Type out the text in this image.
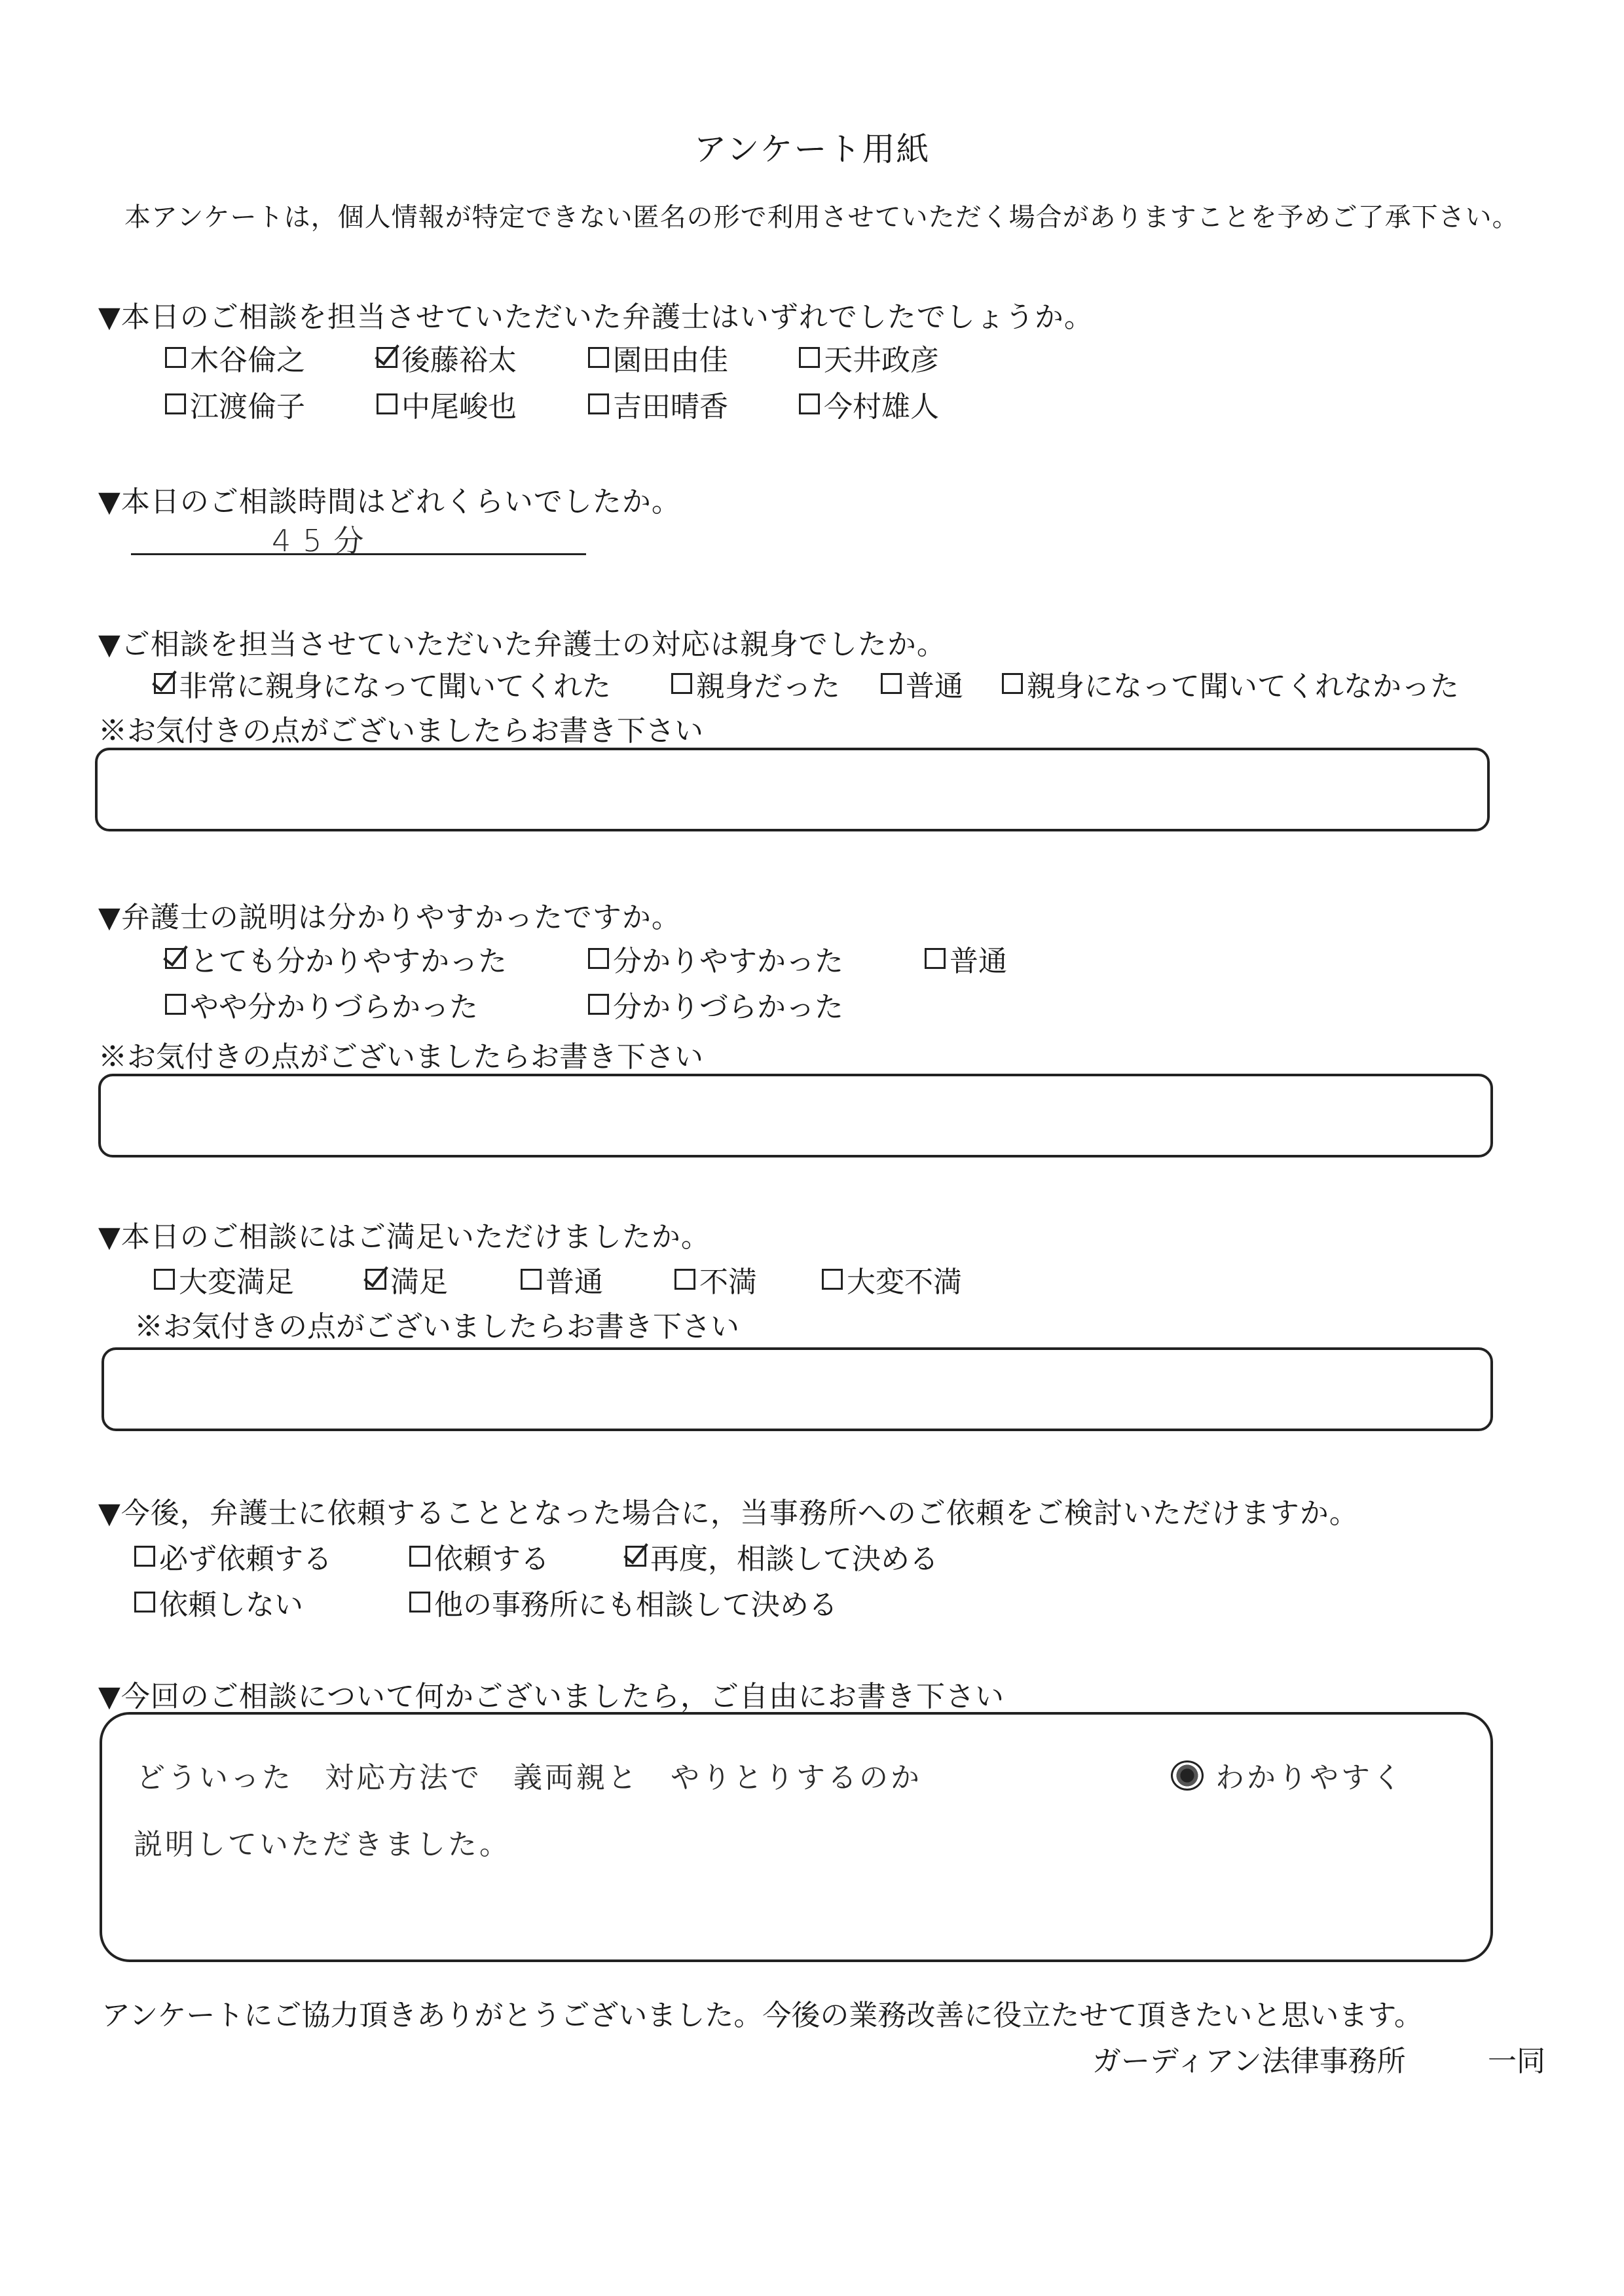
アンケート用紙
本アンケートは，個人情報が特定できない匿名の形で利用させていただく場合がありますことを予めご了承下さい。
▼本日のご相談を担当させていただいた弁護士はいずれでしたでしょうか。
木谷倫之	後藤裕太	園田由佳	天井政彦
江渡倫子	中尾峻也	吉田晴香	今村雄人
▼本日のご相談時間はどれくらいでしたか。
45分
▼ご相談を担当させていただいた弁護士の対応は親身でしたか。
非常に親身になって聞いてくれた	親身だった 普通 親身になって聞いてくれなかった
※お気付きの点がございましたらお書き下さい
▼弁護士の説明は分かりやすかったですか。
とても分かりやすかった	分かりやすかった	普通
やや分かりづらかった	分かりづらかった
※お気付きの点がございましたらお書き下さい
▼本日のご相談にはご満足いただけましたか。
大変満足	満足	普通	不満	大変不満
※お気付きの点がございましたらお書き下さい
▼今後，弁護士に依頼することとなった場合に，当事務所へのご依頼をご検討いただけますか。
必ず依頼する	依頼する	再度，相談して決める
依頼しない	他の事務所にも相談して決める
▼今回のご相談について何かございましたら，ご自由にお書き下さい
どういった　対応方法で　義両親と　やりとりするのか	わかりやすく
説明していただきました。
アンケートにご協力頂きありがとうございました。今後の業務改善に役立たせて頂きたいと思います。
ガーディアン法律事務所	一同
